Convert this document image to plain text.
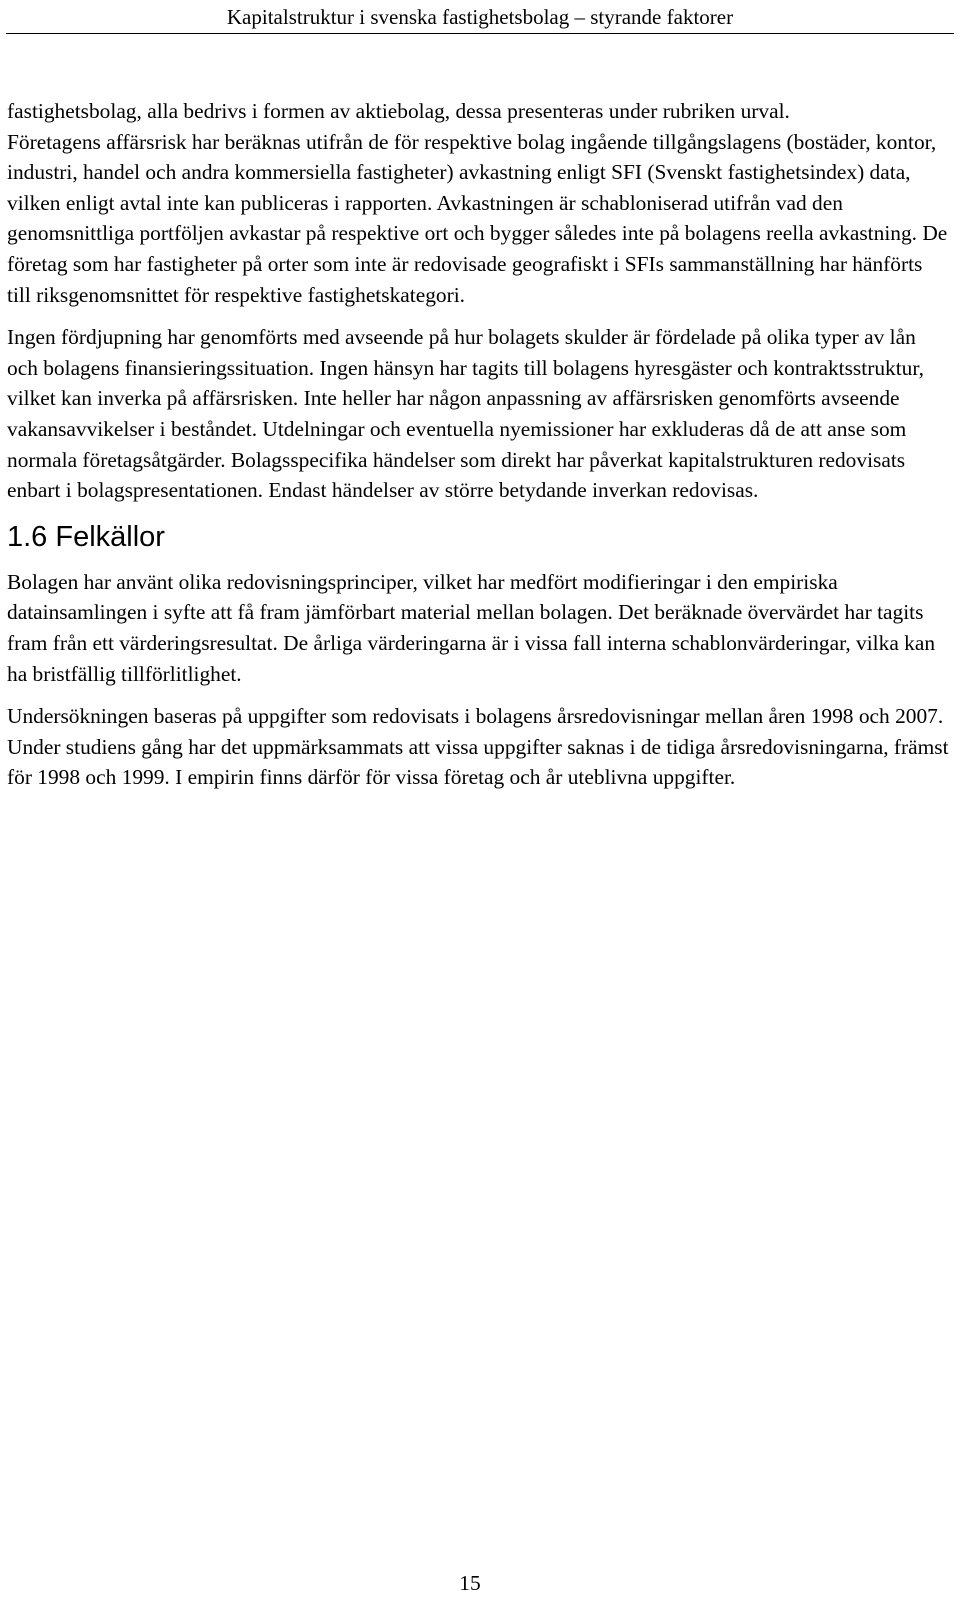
Kapitalstruktur i svenska fastighetsbolag – styrande faktorer

fastighetsbolag, alla bedrivs i formen av aktiebolag, dessa presenteras under rubriken urval.

Företagens affärsrisk har beräknas utifrån de för respektive bolag ingående tillgångslagens (bostäder, kontor, industri, handel och andra kommersiella fastigheter) avkastning enligt SFI (Svenskt fastighetsindex) data, vilken enligt avtal inte kan publiceras i rapporten. Avkastningen är schabloniserad utifrån vad den genomsnittliga portföljen avkastar på respektive ort och bygger således inte på bolagens reella avkastning. De företag som har fastigheter på orter som inte är redovisade geografiskt i SFIs sammanställning har hänförts till riksgenomsnittet för respektive fastighetskategori.

Ingen fördjupning har genomförts med avseende på hur bolagets skulder är fördelade på olika typer av lån och bolagens finansieringssituation. Ingen hänsyn har tagits till bolagens hyresgäster och kontraktsstruktur, vilket kan inverka på affärsrisken. Inte heller har någon anpassning av affärsrisken genomförts avseende vakansavvikelser i beståndet. Utdelningar och eventuella nyemissioner har exkluderas då de att anse som normala företagsåtgärder. Bolagsspecifika händelser som direkt har påverkat kapitalstrukturen redovisats enbart i bolagspresentationen. Endast händelser av större betydande inverkan redovisas.

1.6 Felkällor

Bolagen har använt olika redovisningsprinciper, vilket har medfört modifieringar i den empiriska datainsamlingen i syfte att få fram jämförbart material mellan bolagen. Det beräknade övervärdet har tagits fram från ett värderingsresultat. De årliga värderingarna är i vissa fall interna schablonvärderingar, vilka kan ha bristfällig tillförlitlighet.

Undersökningen baseras på uppgifter som redovisats i bolagens årsredovisningar mellan åren 1998 och 2007. Under studiens gång har det uppmärksammats att vissa uppgifter saknas i de tidiga årsredovisningarna, främst för 1998 och 1999. I empirin finns därför för vissa företag och år uteblivna uppgifter.

15
